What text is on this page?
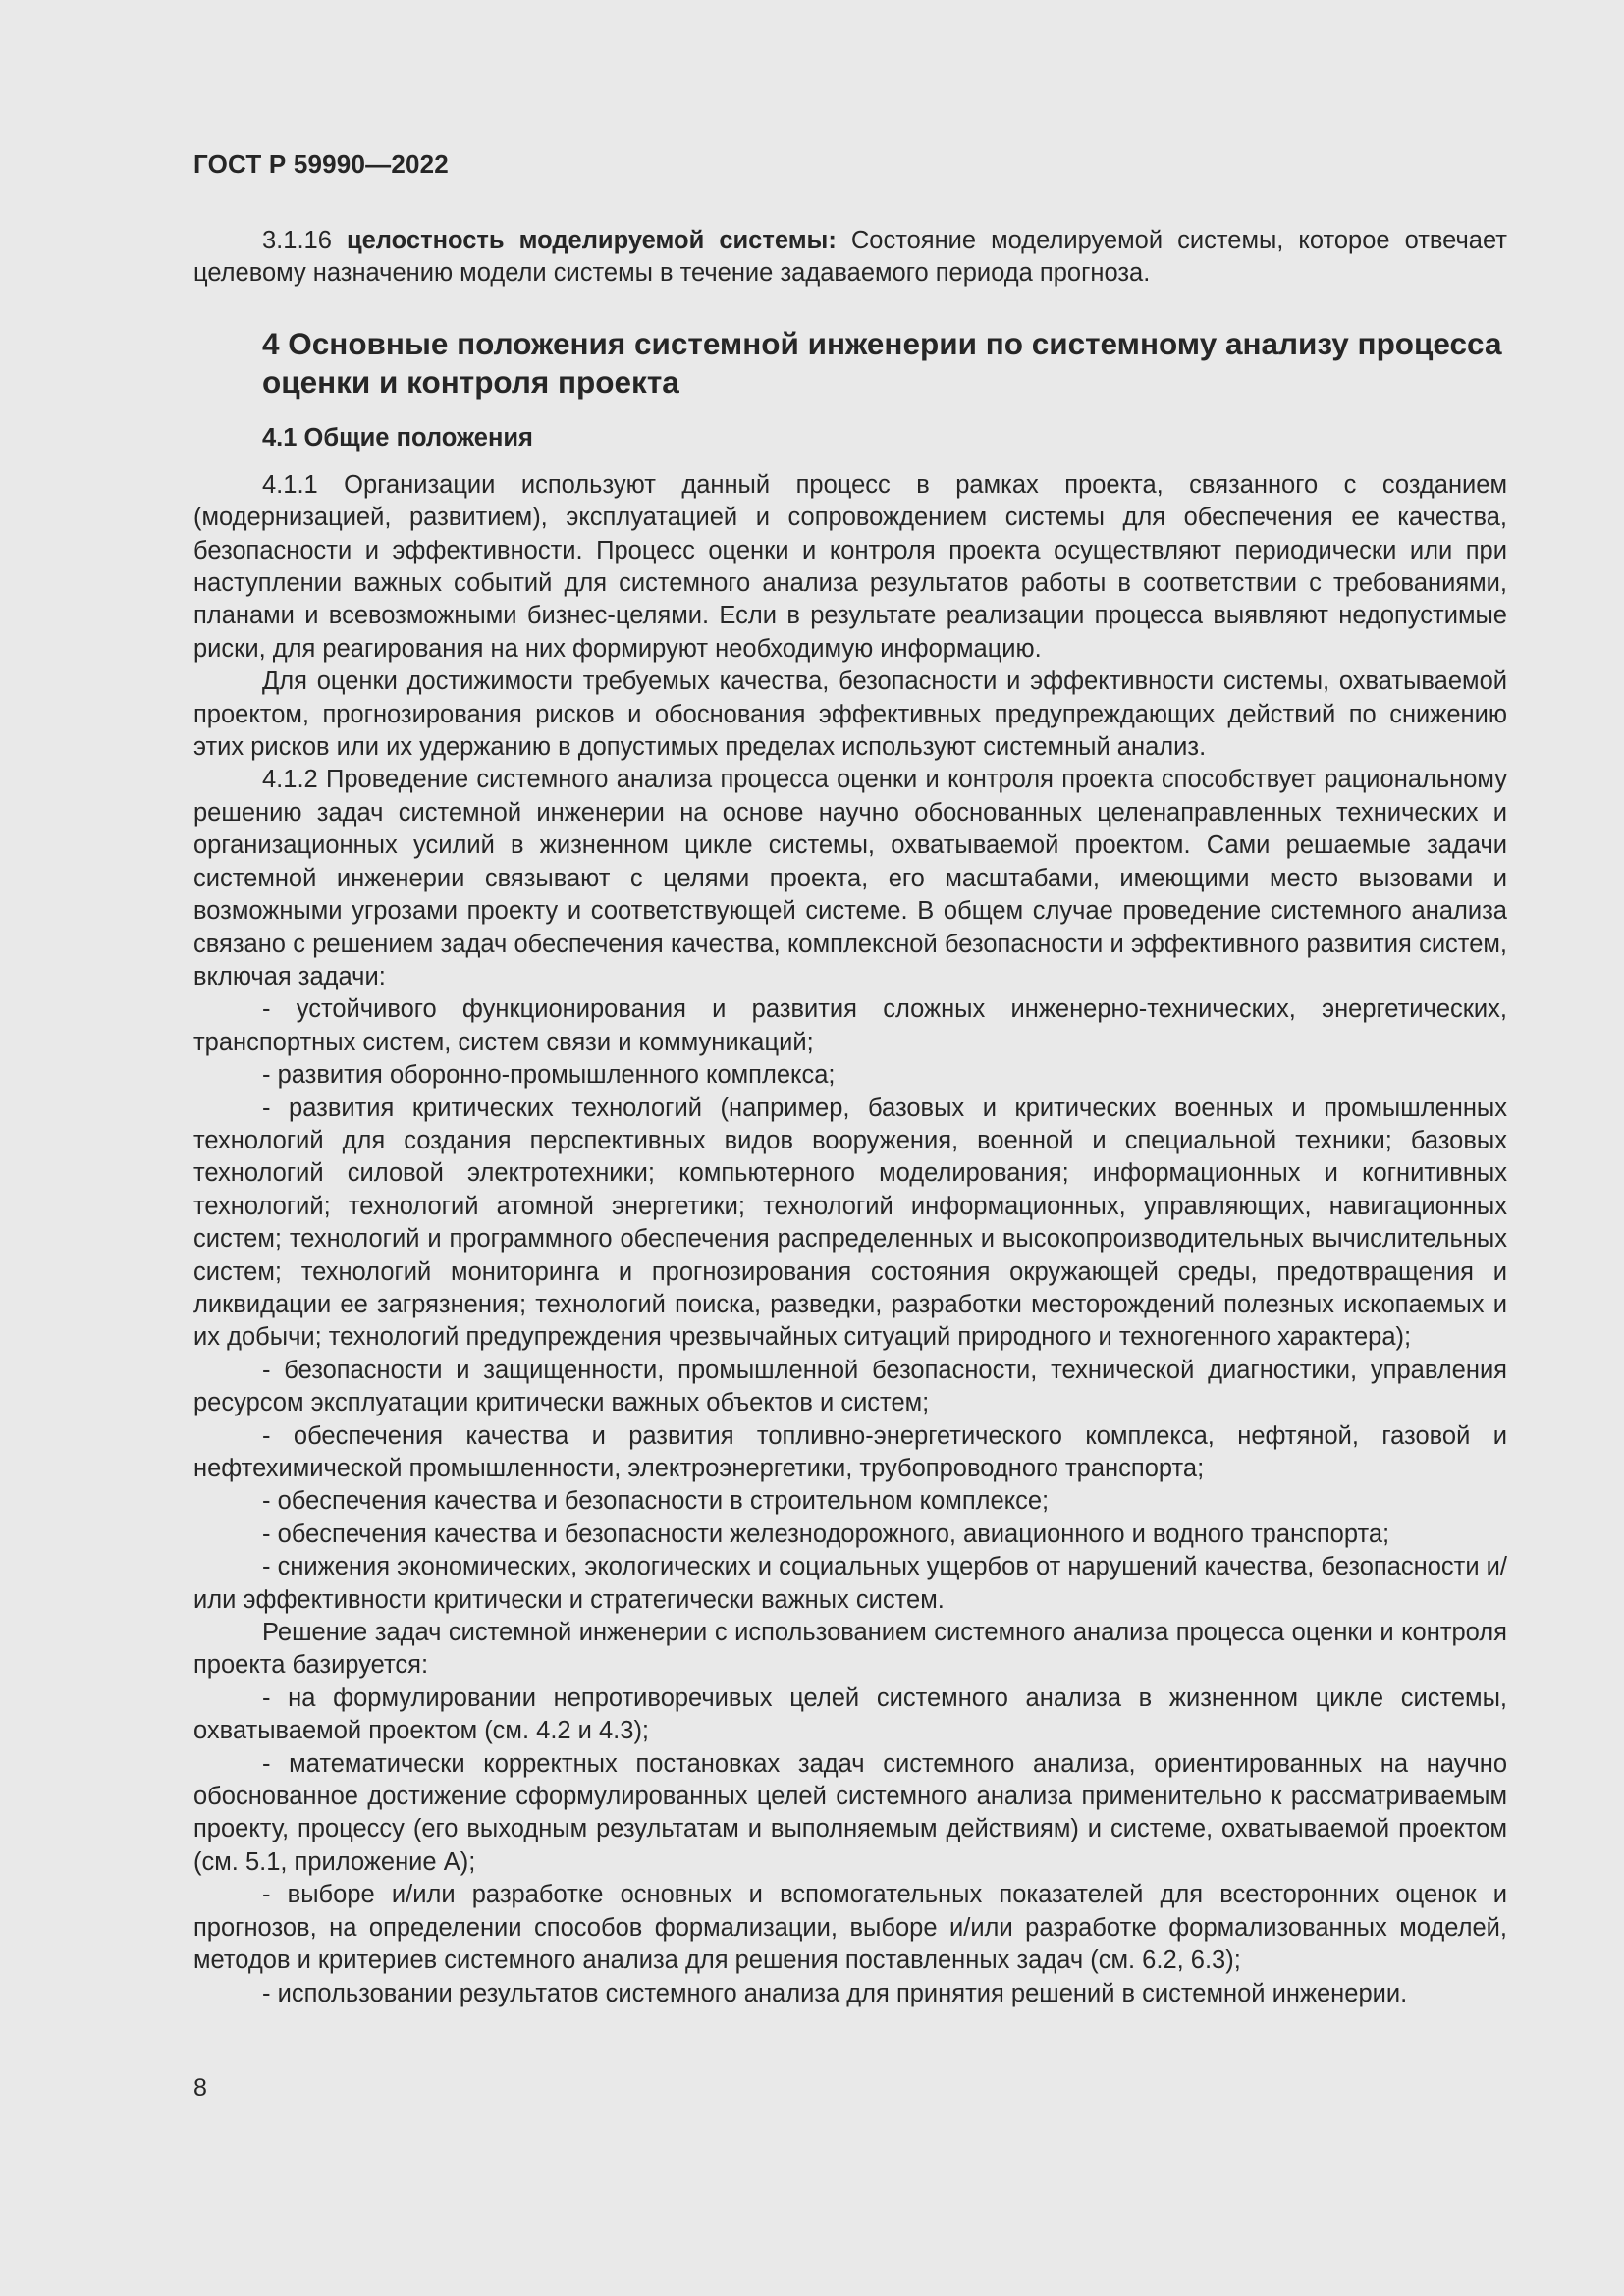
ГОСТ Р 59990—2022

3.1.16 целостность моделируемой системы: Состояние моделируемой системы, которое отвечает целевому назначению модели системы в течение задаваемого периода прогноза.

4 Основные положения системной инженерии по системному анализу процесса оценки и контроля проекта
4.1 Общие положения

4.1.1 Организации используют данный процесс в рамках проекта, связанного с созданием (модернизацией, развитием), эксплуатацией и сопровождением системы для обеспечения ее качества, безопасности и эффективности. Процесс оценки и контроля проекта осуществляют периодически или при наступлении важных событий для системного анализа результатов работы в соответствии с требованиями, планами и всевозможными бизнес-целями. Если в результате реализации процесса выявляют недопустимые риски, для реагирования на них формируют необходимую информацию.

Для оценки достижимости требуемых качества, безопасности и эффективности системы, охватываемой проектом, прогнозирования рисков и обоснования эффективных предупреждающих действий по снижению этих рисков или их удержанию в допустимых пределах используют системный анализ.

4.1.2 Проведение системного анализа процесса оценки и контроля проекта способствует рациональному решению задач системной инженерии на основе научно обоснованных целенаправленных технических и организационных усилий в жизненном цикле системы, охватываемой проектом. Сами решаемые задачи системной инженерии связывают с целями проекта, его масштабами, имеющими место вызовами и возможными угрозами проекту и соответствующей системе. В общем случае проведение системного анализа связано с решением задач обеспечения качества, комплексной безопасности и эффективного развития систем, включая задачи:

- устойчивого функционирования и развития сложных инженерно-технических, энергетических, транспортных систем, систем связи и коммуникаций;

- развития оборонно-промышленного комплекса;

- развития критических технологий (например, базовых и критических военных и промышленных технологий для создания перспективных видов вооружения, военной и специальной техники; базовых технологий силовой электротехники; компьютерного моделирования; информационных и когнитивных технологий; технологий атомной энергетики; технологий информационных, управляющих, навигационных систем; технологий и программного обеспечения распределенных и высокопроизводительных вычислительных систем; технологий мониторинга и прогнозирования состояния окружающей среды, предотвращения и ликвидации ее загрязнения; технологий поиска, разведки, разработки месторождений полезных ископаемых и их добычи; технологий предупреждения чрезвычайных ситуаций природного и техногенного характера);

- безопасности и защищенности, промышленной безопасности, технической диагностики, управления ресурсом эксплуатации критически важных объектов и систем;

- обеспечения качества и развития топливно-энергетического комплекса, нефтяной, газовой и нефтехимической промышленности, электроэнергетики, трубопроводного транспорта;

- обеспечения качества и безопасности в строительном комплексе;

- обеспечения качества и безопасности железнодорожного, авиационного и водного транспорта;

- снижения экономических, экологических и социальных ущербов от нарушений качества, безопасности и/или эффективности критически и стратегически важных систем.

Решение задач системной инженерии с использованием системного анализа процесса оценки и контроля проекта базируется:

- на формулировании непротиворечивых целей системного анализа в жизненном цикле системы, охватываемой проектом (см. 4.2 и 4.3);

- математически корректных постановках задач системного анализа, ориентированных на научно обоснованное достижение сформулированных целей системного анализа применительно к рассматриваемым проекту, процессу (его выходным результатам и выполняемым действиям) и системе, охватываемой проектом (см. 5.1, приложение А);

- выборе и/или разработке основных и вспомогательных показателей для всесторонних оценок и прогнозов, на определении способов формализации, выборе и/или разработке формализованных моделей, методов и критериев системного анализа для решения поставленных задач (см. 6.2, 6.3);

- использовании результатов системного анализа для принятия решений в системной инженерии.

8
